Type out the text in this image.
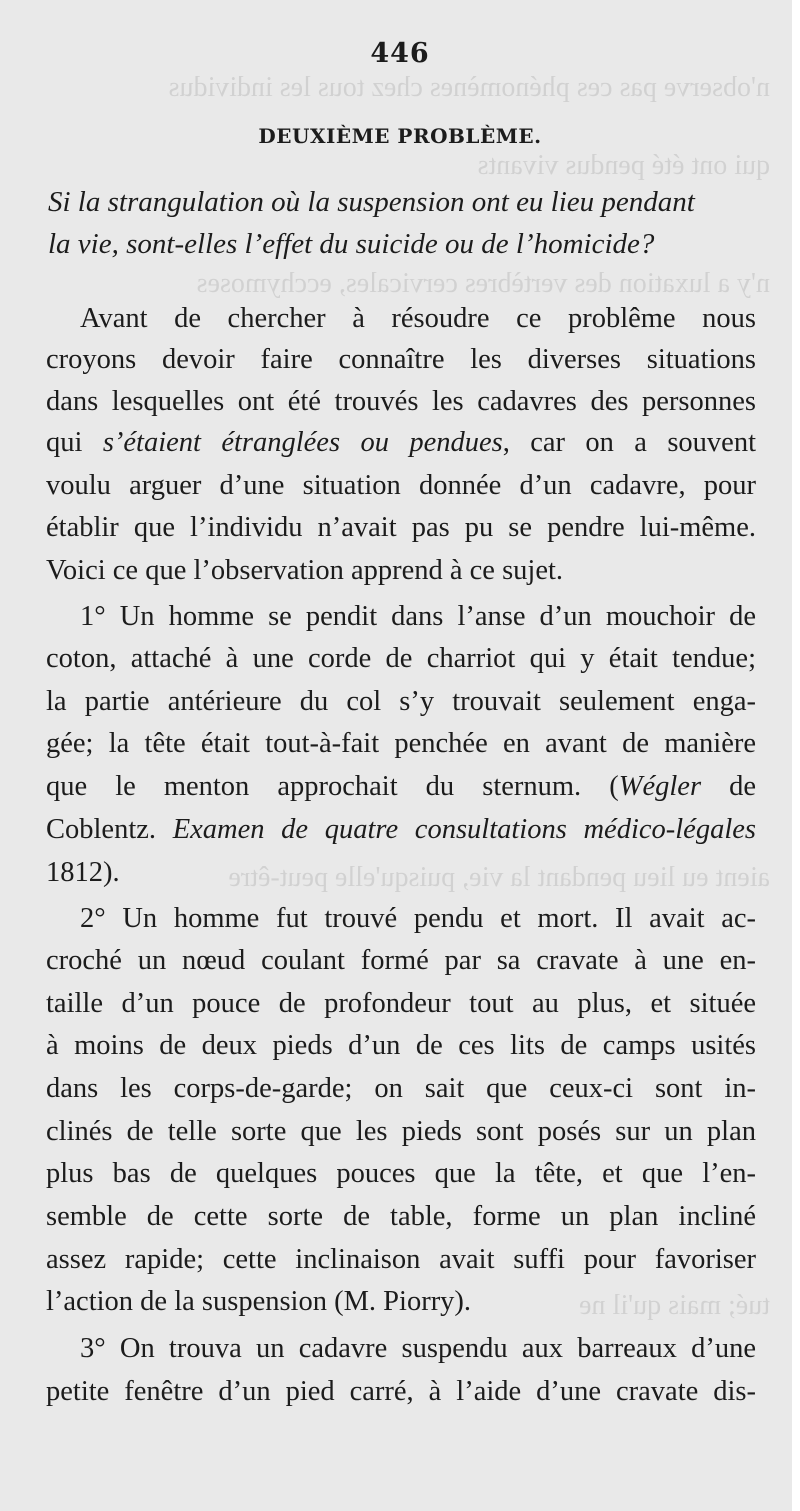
n'observe pas ces phénomènes chez tous les individus
qui ont été pendus vivants
n'y a luxation des vertèbres cervicales, ecchymoses
aient eu lieu pendant la vie, puisqu'elle peut-être
tué; mais qu'il ne
446
DEUXIÈME PROBLÈME.
Si la strangulation où la suspension ont eu lieu pendant
la vie, sont-elles l’effet du suicide ou de l’homicide?
Avant de chercher à résoudre ce problême nous
croyons devoir faire connaître les diverses situations
dans lesquelles ont été trouvés les cadavres des personnes
qui s’étaient étranglées ou pendues, car on a souvent
voulu arguer d’une situation donnée d’un cadavre, pour
établir que l’individu n’avait pas pu se pendre lui-même.
Voici ce que l’observation apprend à ce sujet.
1° Un homme se pendit dans l’anse d’un mouchoir de
coton, attaché à une corde de charriot qui y était tendue;
la partie antérieure du col s’y trouvait seulement enga-
gée; la tête était tout-à-fait penchée en avant de manière
que le menton approchait du sternum. (Wégler de
Coblentz. Examen de quatre consultations médico-légales
1812).
2° Un homme fut trouvé pendu et mort. Il avait ac-
croché un nœud coulant formé par sa cravate à une en-
taille d’un pouce de profondeur tout au plus, et située
à moins de deux pieds d’un de ces lits de camps usités
dans les corps-de-garde; on sait que ceux-ci sont in-
clinés de telle sorte que les pieds sont posés sur un plan
plus bas de quelques pouces que la tête, et que l’en-
semble de cette sorte de table, forme un plan incliné
assez rapide; cette inclinaison avait suffi pour favoriser
l’action de la suspension (M. Piorry).
3° On trouva un cadavre suspendu aux barreaux d’une
petite fenêtre d’un pied carré, à l’aide d’une cravate dis-
